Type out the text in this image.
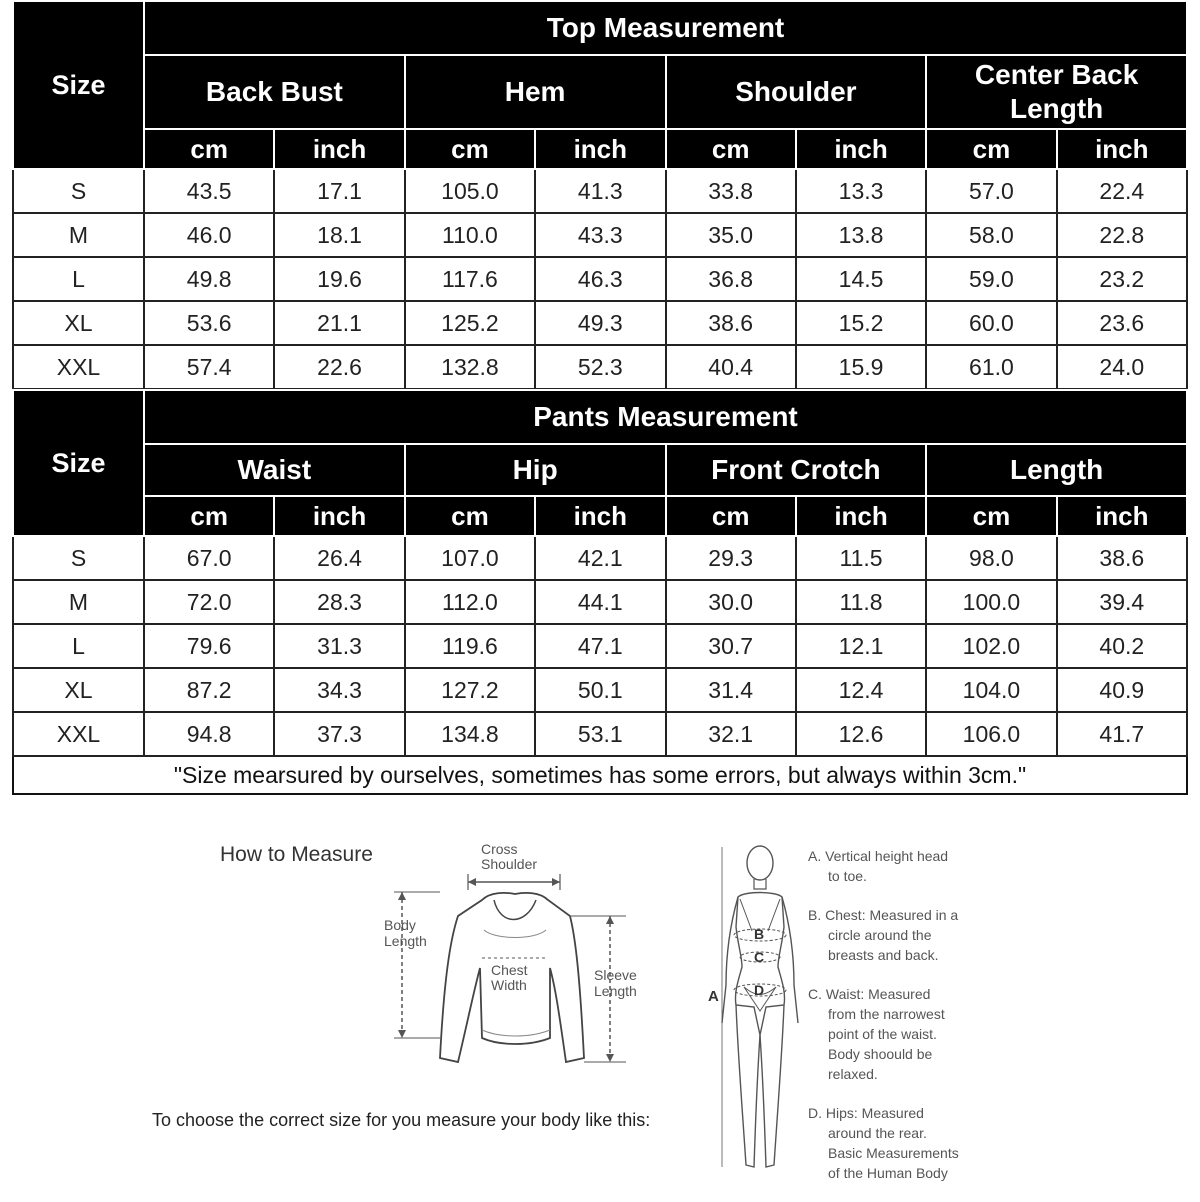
Size	Top Measurement							
	Back Bust		Hem		Shoulder		Center Back Length	
	cm	inch	cm	inch	cm	inch	cm	inch
S	43.5	17.1	105.0	41.3	33.8	13.3	57.0	22.4
M	46.0	18.1	110.0	43.3	35.0	13.8	58.0	22.8
L	49.8	19.6	117.6	46.3	36.8	14.5	59.0	23.2
XL	53.6	21.1	125.2	49.3	38.6	15.2	60.0	23.6
XXL	57.4	22.6	132.8	52.3	40.4	15.9	61.0	24.0
Size	Pants Measurement							
	Waist		Hip		Front Crotch		Length	
	cm	inch	cm	inch	cm	inch	cm	inch
S	67.0	26.4	107.0	42.1	29.3	11.5	98.0	38.6
M	72.0	28.3	112.0	44.1	30.0	11.8	100.0	39.4
L	79.6	31.3	119.6	47.1	30.7	12.1	102.0	40.2
XL	87.2	34.3	127.2	50.1	31.4	12.4	104.0	40.9
XXL	94.8	37.3	134.8	53.1	32.1	12.6	106.0	41.7
"Size mearsured by ourselves, sometimes has some errors, but always within 3cm."								
How to Measure	Cross
Shoulder
Body
Length
Chest
Width
Sleeve
Length
To choose the correct size for you measure your body like this:
A
B
C
D
A. Vertical height head
to toe.
B. Chest: Measured in a
circle around the
breasts and back.
C. Waist: Measured
from the narrowest
point of the waist.
Body shoould be
relaxed.
D. Hips: Measured
around the rear.
Basic Measurements
of the Human Body
